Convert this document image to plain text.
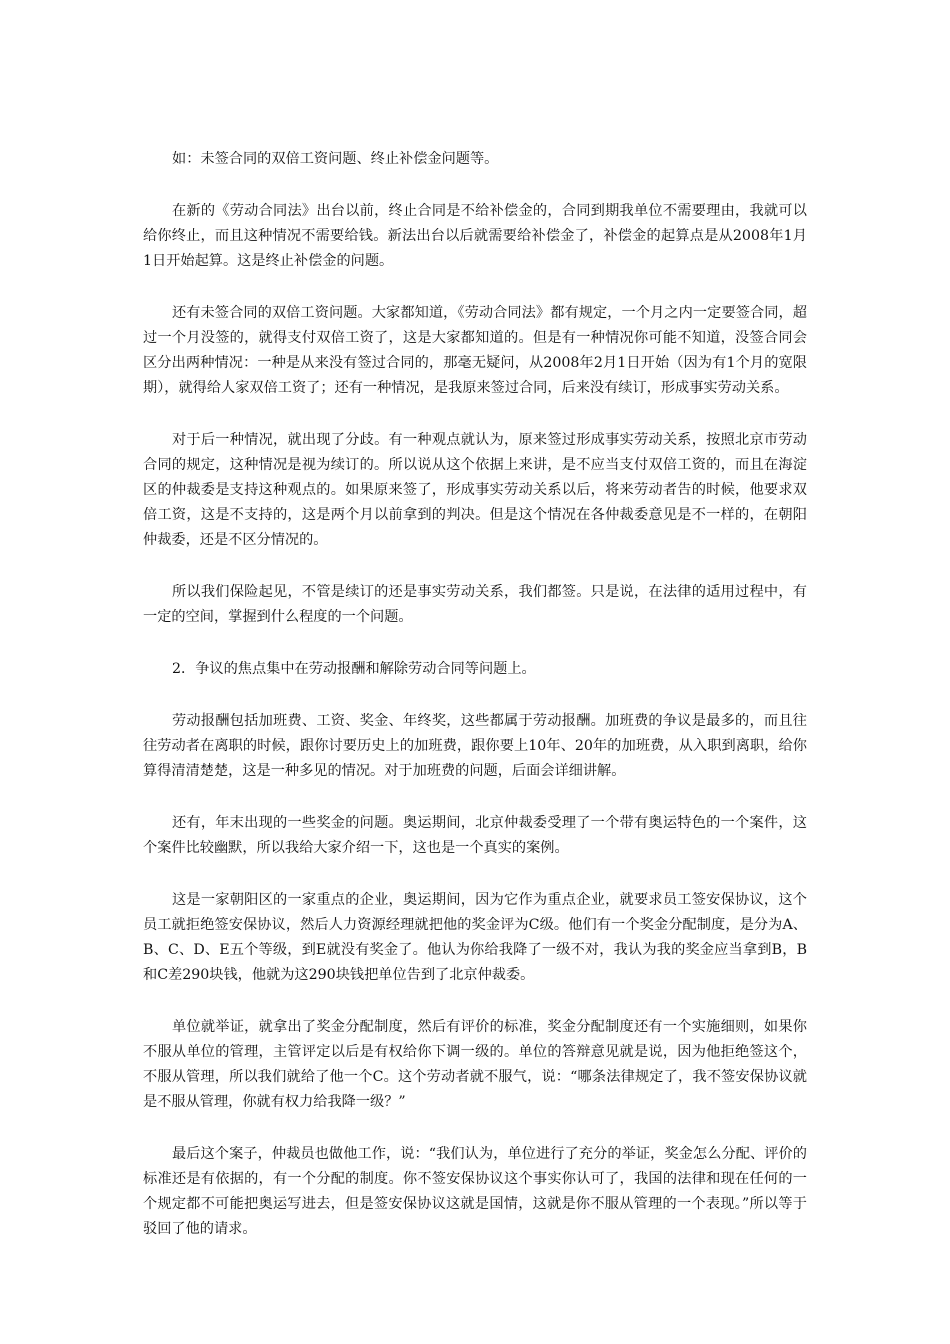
如：未签合同的双倍工资问题、终止补偿金问题等。

在新的《劳动合同法》出台以前，终止合同是不给补偿金的，合同到期我单位不需要理由，我就可以给你终止，而且这种情况不需要给钱。新法出台以后就需要给补偿金了，补偿金的起算点是从2008年1月1日开始起算。这是终止补偿金的问题。

还有未签合同的双倍工资问题。大家都知道，《劳动合同法》都有规定，一个月之内一定要签合同，超过一个月没签的，就得支付双倍工资了，这是大家都知道的。但是有一种情况你可能不知道，没签合同会区分出两种情况：一种是从来没有签过合同的，那毫无疑问，从2008年2月1日开始（因为有1个月的宽限期），就得给人家双倍工资了；还有一种情况，是我原来签过合同，后来没有续订，形成事实劳动关系。

对于后一种情况，就出现了分歧。有一种观点就认为，原来签过形成事实劳动关系，按照北京市劳动合同的规定，这种情况是视为续订的。所以说从这个依据上来讲，是不应当支付双倍工资的，而且在海淀区的仲裁委是支持这种观点的。如果原来签了，形成事实劳动关系以后，将来劳动者告的时候，他要求双倍工资，这是不支持的，这是两个月以前拿到的判决。但是这个情况在各仲裁委意见是不一样的，在朝阳仲裁委，还是不区分情况的。

所以我们保险起见，不管是续订的还是事实劳动关系，我们都签。只是说，在法律的适用过程中，有一定的空间，掌握到什么程度的一个问题。

2．争议的焦点集中在劳动报酬和解除劳动合同等问题上。

劳动报酬包括加班费、工资、奖金、年终奖，这些都属于劳动报酬。加班费的争议是最多的，而且往往劳动者在离职的时候，跟你讨要历史上的加班费，跟你要上10年、20年的加班费，从入职到离职，给你算得清清楚楚，这是一种多见的情况。对于加班费的问题，后面会详细讲解。

还有，年末出现的一些奖金的问题。奥运期间，北京仲裁委受理了一个带有奥运特色的一个案件，这个案件比较幽默，所以我给大家介绍一下，这也是一个真实的案例。

这是一家朝阳区的一家重点的企业，奥运期间，因为它作为重点企业，就要求员工签安保协议，这个员工就拒绝签安保协议，然后人力资源经理就把他的奖金评为C级。他们有一个奖金分配制度，是分为A、B、C、D、E五个等级，到E就没有奖金了。他认为你给我降了一级不对，我认为我的奖金应当拿到B，B和C差290块钱，他就为这290块钱把单位告到了北京仲裁委。

单位就举证，就拿出了奖金分配制度，然后有评价的标准，奖金分配制度还有一个实施细则，如果你不服从单位的管理，主管评定以后是有权给你下调一级的。单位的答辩意见就是说，因为他拒绝签这个，不服从管理，所以我们就给了他一个C。这个劳动者就不服气，说：“哪条法律规定了，我不签安保协议就是不服从管理，你就有权力给我降一级？”

最后这个案子，仲裁员也做他工作，说：“我们认为，单位进行了充分的举证，奖金怎么分配、评价的标准还是有依据的，有一个分配的制度。你不签安保协议这个事实你认可了，我国的法律和现在任何的一个规定都不可能把奥运写进去，但是签安保协议这就是国情，这就是你不服从管理的一个表现。”所以等于驳回了他的请求。
